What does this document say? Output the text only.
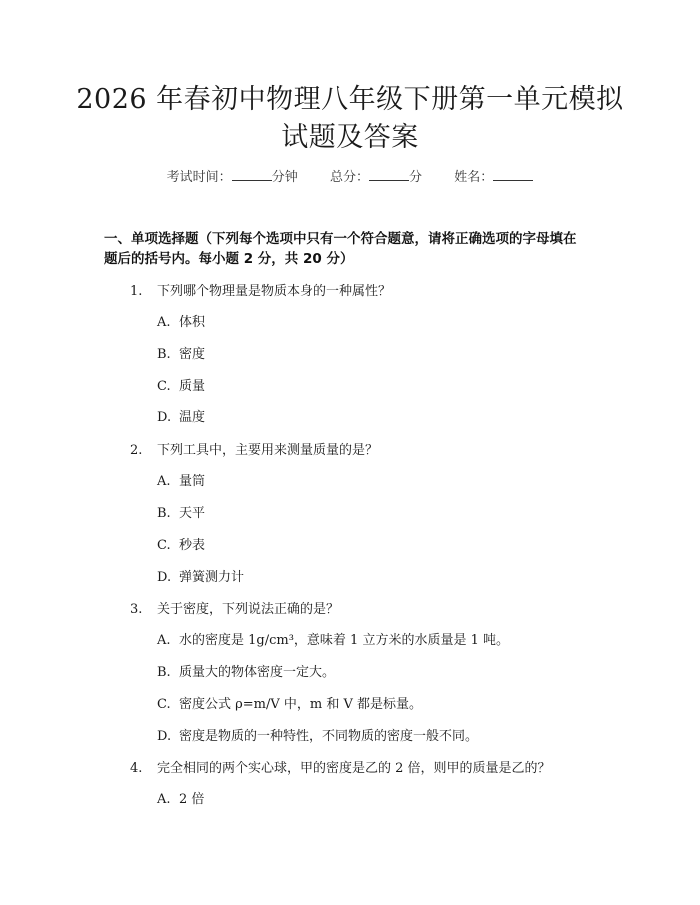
2026 年春初中物理八年级下册第一单元模拟
试题及答案
考试时间：	分钟 总分：	分 姓名：
一、单项选择题（下列每个选项中只有一个符合题意，请将正确选项的字母填在
题后的括号内。每小题 2 分，共 20 分）
1. 下列哪个物理量是物质本身的一种属性？
A. 体积
B. 密度
C. 质量
D. 温度
2. 下列工具中，主要用来测量质量的是？
A. 量筒
B. 天平
C. 秒表
D. 弹簧测力计
3. 关于密度，下列说法正确的是？
A. 水的密度是 1g/cm³，意味着 1 立方米的水质量是 1 吨。
B. 质量大的物体密度一定大。
C. 密度公式 ρ=m/V 中，m 和 V 都是标量。
D. 密度是物质的一种特性，不同物质的密度一般不同。
4. 完全相同的两个实心球，甲的密度是乙的 2 倍，则甲的质量是乙的？
A. 2 倍
